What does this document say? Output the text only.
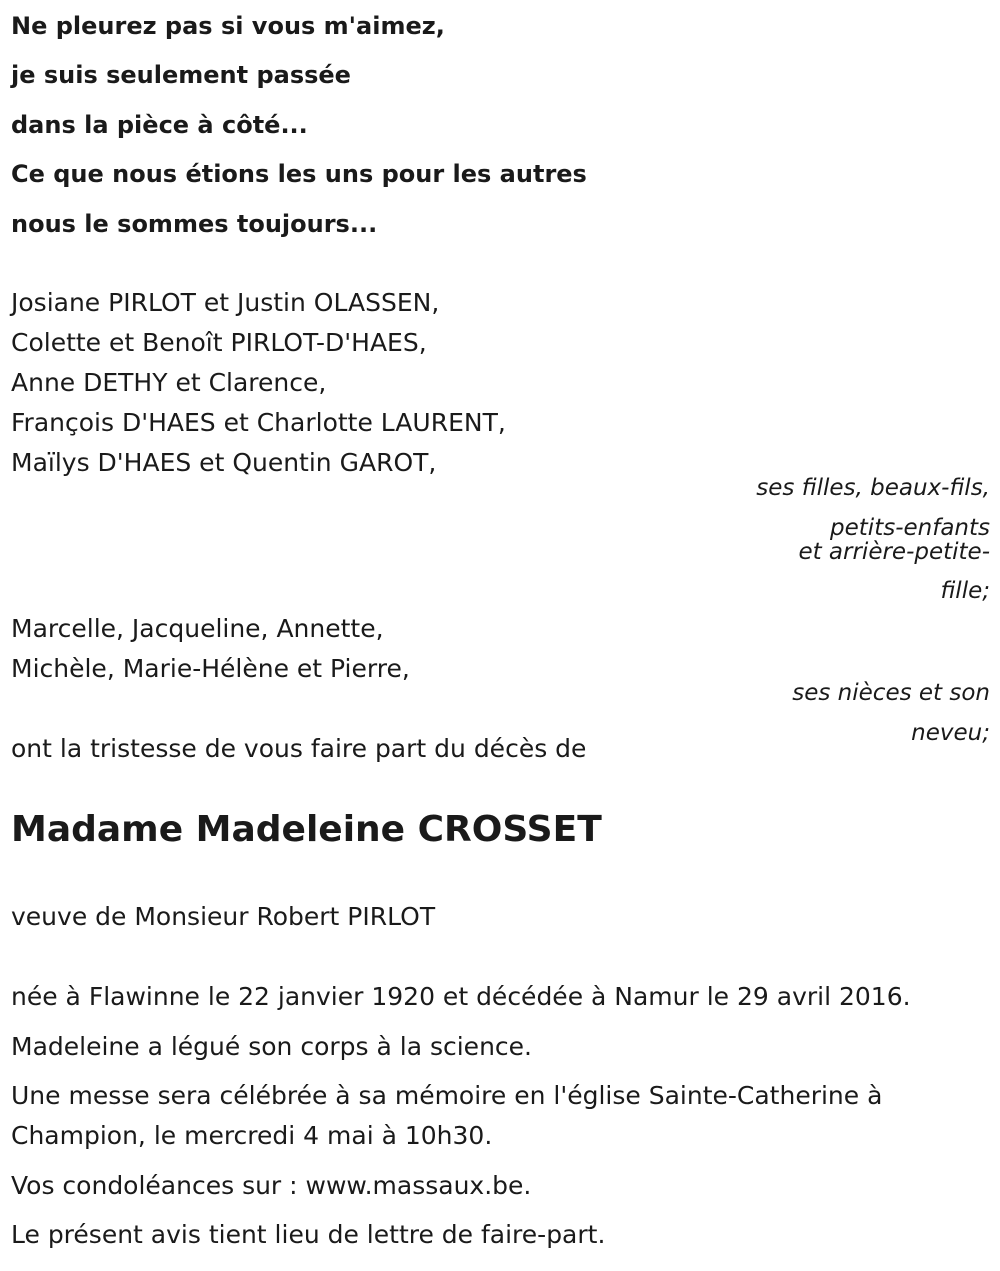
Ne pleurez pas si vous m'aimez,
je suis seulement passée
dans la pièce à côté...
Ce que nous étions les uns pour les autres
nous le sommes toujours...
Josiane PIRLOT et Justin OLASSEN,
Colette et Benoît PIRLOT-D'HAES,
Anne DETHY et Clarence,
François D'HAES et Charlotte LAURENT,
Maïlys D'HAES et Quentin GAROT,
ses filles, beaux-fils,
petits-enfants
et arrière-petite-
fille;
Marcelle, Jacqueline, Annette,
Michèle, Marie-Hélène et Pierre,
ses nièces et son
neveu;
ont la tristesse de vous faire part du décès de
Madame Madeleine CROSSET
veuve de Monsieur Robert PIRLOT
née à Flawinne le 22 janvier 1920 et décédée à Namur le 29 avril 2016.
Madeleine a légué son corps à la science.
Une messe sera célébrée à sa mémoire en l'église Sainte-Catherine à
Champion, le mercredi 4 mai à 10h30.
Vos condoléances sur : www.massaux.be.
Le présent avis tient lieu de lettre de faire-part.
